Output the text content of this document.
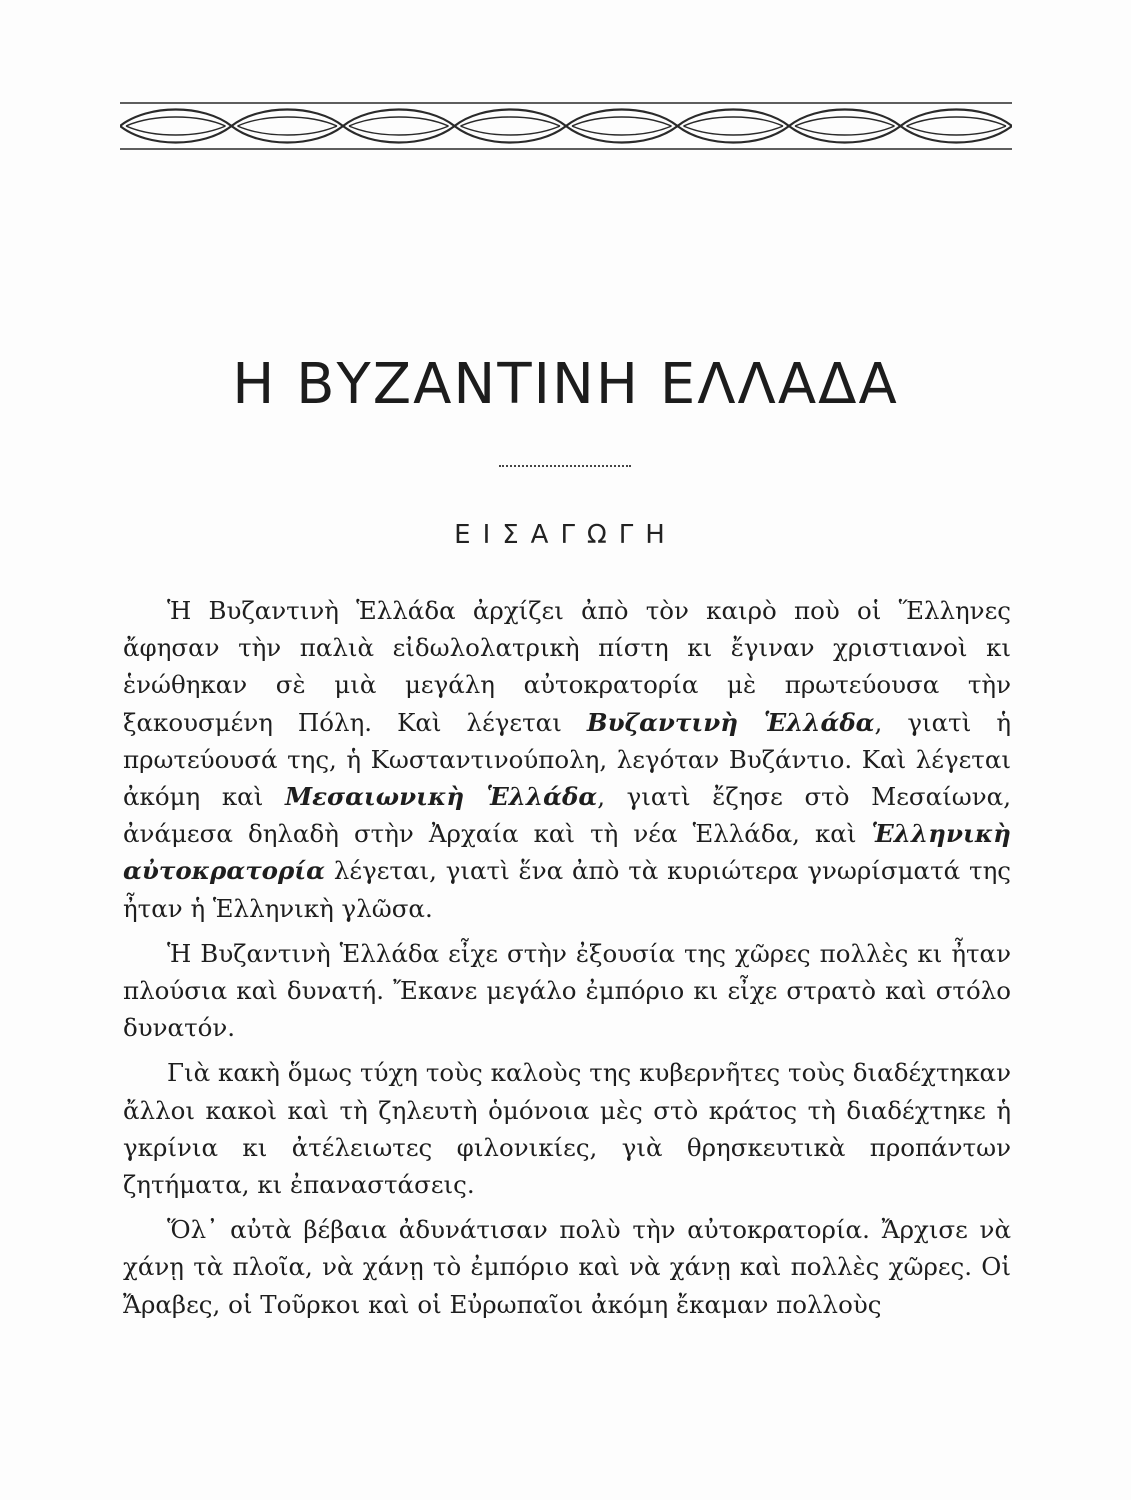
Η ΒΥΖΑΝΤΙΝΗ ΕΛΛΑΔΑ
ΕΙΣΑΓΩΓΗ

Ἡ Βυζαντινὴ Ἑλλάδα ἀρχίζει ἀπὸ τὸν καιρὸ ποὺ οἱ Ἕλληνες ἄφησαν τὴν παλιὰ εἰδωλολατρικὴ πίστη κι ἔγιναν χριστιανοὶ κι ἑνώθηκαν σὲ μιὰ μεγάλη αὐτοκρατορία μὲ πρωτεύουσα τὴν ξακουσμένη Πόλη. Καὶ λέγεται Βυζαντινὴ Ἑλλάδα, γιατὶ ἡ πρωτεύουσά της, ἡ Κωσταντινούπολη, λεγόταν Βυζάντιο. Καὶ λέγεται ἀκόμη καὶ Μεσαιωνικὴ Ἑλλάδα, γιατὶ ἔζησε στὸ Μεσαίωνα, ἀνάμεσα δηλαδὴ στὴν Ἀρχαία καὶ τὴ νέα Ἑλλάδα, καὶ Ἑλληνικὴ αὐτοκρατορία λέγεται, γιατὶ ἕνα ἀπὸ τὰ κυριώτερα γνωρίσματά της ἦταν ἡ Ἑλληνικὴ γλῶσα.

Ἡ Βυζαντινὴ Ἑλλάδα εἶχε στὴν ἐξουσία της χῶρες πολλὲς κι ἦταν πλούσια καὶ δυνατή. Ἔκανε μεγάλο ἐμπόριο κι εἶχε στρατὸ καὶ στόλο δυνατόν.

Γιὰ κακὴ ὅμως τύχη τοὺς καλοὺς της κυβερνῆτες τοὺς διαδέχτηκαν ἄλλοι κακοὶ καὶ τὴ ζηλευτὴ ὁμόνοια μὲς στὸ κράτος τὴ διαδέχτηκε ἡ γκρίνια κι ἀτέλειωτες φιλονικίες, γιὰ θρησκευτικὰ προπάντων ζητήματα, κι ἐπαναστάσεις.

Ὅλ᾽ αὐτὰ βέβαια ἀδυνάτισαν πολὺ τὴν αὐτοκρατορία. Ἄρχισε νὰ χάνῃ τὰ πλοῖα, νὰ χάνῃ τὸ ἐμπόριο καὶ νὰ χάνῃ καὶ πολλὲς χῶρες. Οἱ Ἄραβες, οἱ Τοῦρκοι καὶ οἱ Εὐρωπαῖοι ἀκόμη ἔκαμαν πολλοὺς
